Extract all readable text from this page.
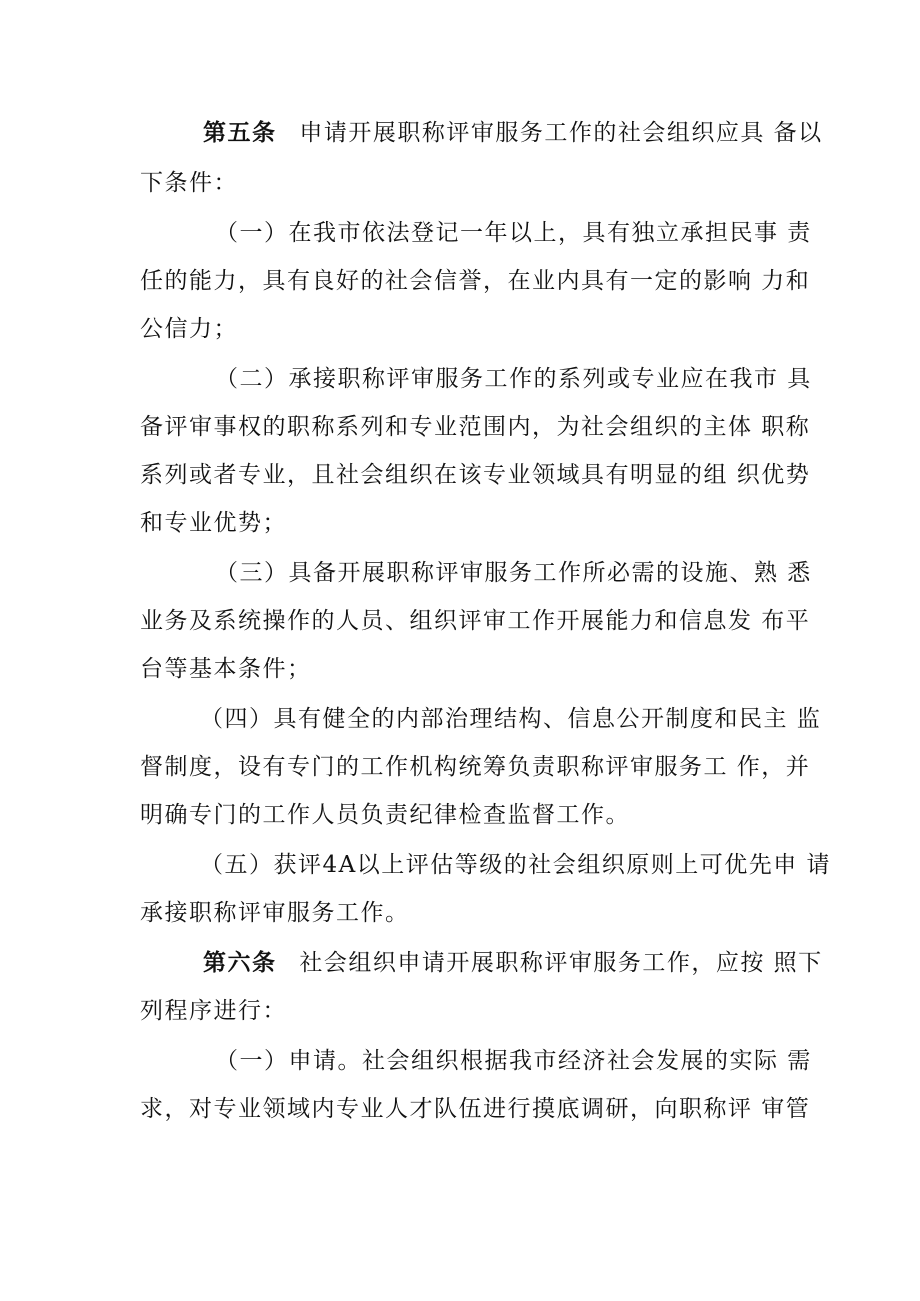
第五条 申请开展职称评审服务工作的社会组织应具 备以
下条件：
（一）在我市依法登记一年以上，具有独立承担民事 责
任的能力，具有良好的社会信誉，在业内具有一定的影响 力和
公信力；
（二）承接职称评审服务工作的系列或专业应在我市 具
备评审事权的职称系列和专业范围内，为社会组织的主体 职称
系列或者专业，且社会组织在该专业领域具有明显的组 织优势
和专业优势；
（三）具备开展职称评审服务工作所必需的设施、熟 悉
业务及系统操作的人员、组织评审工作开展能力和信息发 布平
台等基本条件；
（四）具有健全的内部治理结构、信息公开制度和民主 监
督制度，设有专门的工作机构统筹负责职称评审服务工 作，并
明确专门的工作人员负责纪律检查监督工作。
（五）获评4A以上评估等级的社会组织原则上可优先申 请
承接职称评审服务工作。
第六条 社会组织申请开展职称评审服务工作，应按 照下
列程序进行：
（一）申请。社会组织根据我市经济社会发展的实际 需
求，对专业领域内专业人才队伍进行摸底调研，向职称评 审管
